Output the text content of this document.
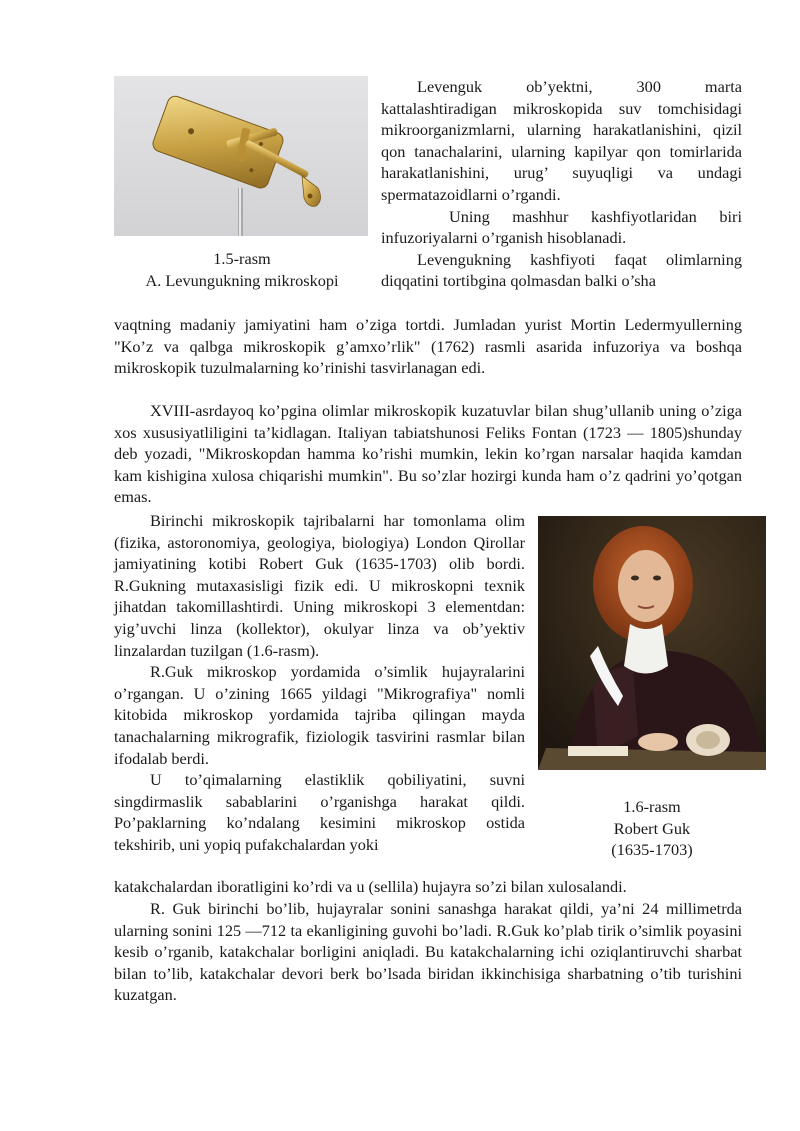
1.5-rasm
A. Levungukning mikroskopi

Levenguk ob’yektni, 300 marta kattalashtiradigan mikroskopida suv tomchisidagi mikroorganizmlarni, ularning harakatlanishini, qizil qon tanachalarini, ularning kapilyar qon tomirlarida harakatlanishini, urug’ suyuqligi va undagi spermatazoidlarni o’rgandi.

Uning mashhur kashfiyotlaridan biri infuzoriyalarni o’rganish hisoblanadi.

Levengukning kashfiyoti faqat olimlarning diqqatini tortibgina qolmasdan balki o’sha

vaqtning madaniy jamiyatini ham o’ziga tortdi. Jumladan yurist Mortin Ledermyullerning "Ko’z va qalbga mikroskopik g’amxo’rlik" (1762) rasmli asarida infuzoriya va boshqa mikroskopik tuzulmalarning ko’rinishi tasvirlanagan edi.

XVIII-asrdayoq ko’pgina olimlar mikroskopik kuzatuvlar bilan shug’ullanib uning o’ziga xos xususiyatliligini ta’kidlagan. Italiyan tabiatshunosi Feliks Fontan (1723 — 1805)shunday deb yozadi, "Mikroskopdan hamma ko’rishi mumkin, lekin ko’rgan narsalar haqida kamdan kam kishigina xulosa chiqarishi mumkin". Bu so’zlar hozirgi kunda ham o’z qadrini yo’qotgan emas.

Birinchi mikroskopik tajribalarni har tomonlama olim (fizika, astoronomiya, geologiya, biologiya) London Qirollar jamiyatining kotibi Robert Guk (1635-1703) olib bordi. R.Gukning mutaxasisligi fizik edi. U mikroskopni texnik jihatdan takomillashtirdi. Uning mikroskopi 3 elementdan: yig’uvchi linza (kollektor), okulyar linza va ob’yektiv linzalardan tuzilgan (1.6-rasm).

R.Guk mikroskop yordamida o’simlik hujayralarini o’rgangan. U o’zining 1665 yildagi "Mikrografiya" nomli kitobida mikroskop yordamida tajriba qilingan mayda tanachalarning mikrografik, fiziologik tasvirini rasmlar bilan ifodalab berdi.

U to’qimalarning elastiklik qobiliyatini, suvni singdirmaslik sabablarini o’rganishga harakat qildi. Po’paklarning ko’ndalang kesimini mikroskop ostida tekshirib, uni yopiq pufakchalardan yoki

1.6-rasm
Robert Guk
(1635-1703)

katakchalardan iboratligini ko’rdi va u (sellila) hujayra so’zi bilan xulosalandi.

R. Guk birinchi bo’lib, hujayralar sonini sanashga harakat qildi, ya’ni 24 millimetrda ularning sonini 125 —712 ta ekanligining guvohi bo’ladi. R.Guk ko’plab tirik o’simlik poyasini kesib o’rganib, katakchalar borligini aniqladi. Bu katakchalarning ichi oziqlantiruvchi sharbat bilan to’lib, katakchalar devori berk bo’lsada biridan ikkinchisiga sharbatning o’tib turishini kuzatgan.
